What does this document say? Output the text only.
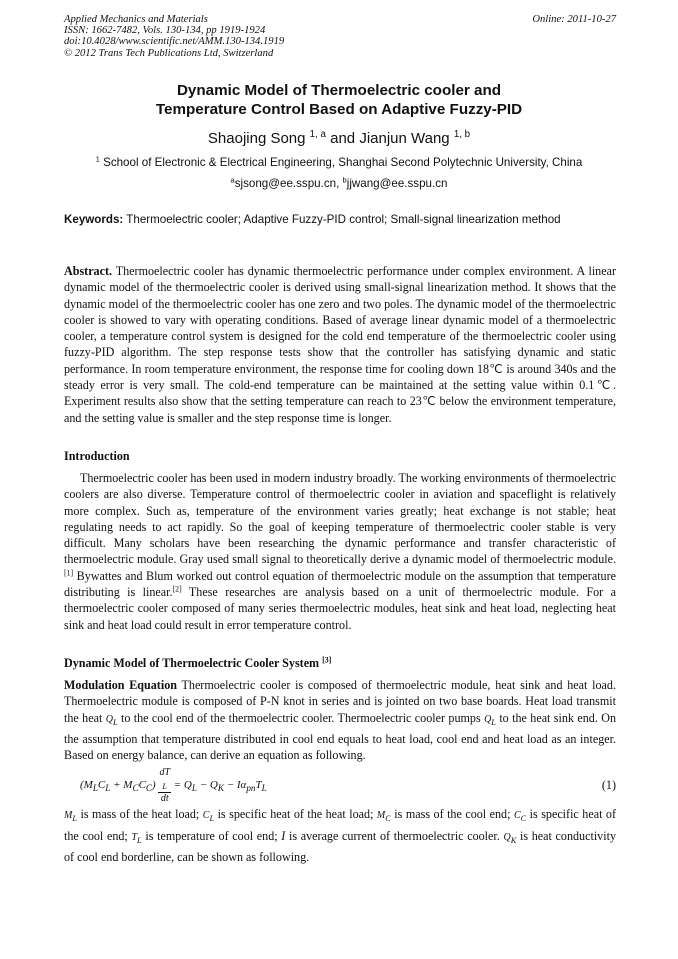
Applied Mechanics and Materials
ISSN: 1662-7482, Vols. 130-134, pp 1919-1924
doi:10.4028/www.scientific.net/AMM.130-134.1919
© 2012 Trans Tech Publications Ltd, Switzerland
Online: 2011-10-27
Dynamic Model of Thermoelectric cooler and
Temperature Control Based on Adaptive Fuzzy-PID
Shaojing Song $^{1, a}$ and Jianjun Wang $^{1, b}$
$^1$ School of Electronic & Electrical Engineering, Shanghai Second Polytechnic University, China
$^a$sjsong@ee.sspu.cn, $^b$jjwang@ee.sspu.cn
Keywords: Thermoelectric cooler; Adaptive Fuzzy-PID control; Small-signal linearization method

Abstract. Thermoelectric cooler has dynamic thermoelectric performance under complex environment. A linear dynamic model of the thermoelectric cooler is derived using small-signal linearization method. It shows that the dynamic model of the thermoelectric cooler has one zero and two poles. The dynamic model of the thermoelectric cooler is showed to vary with operating conditions. Based of average linear dynamic model of a thermoelectric cooler, a temperature control system is designed for the cold end temperature of the thermoelectric cooler using fuzzy-PID algorithm. The step response tests show that the controller has satisfying dynamic and static performance. In room temperature environment, the response time for cooling down 18℃ is around 340s and the steady error is very small. The cold-end temperature can be maintained at the setting value within 0.1℃. Experiment results also show that the setting temperature can reach to 23℃ below the environment temperature, and the setting value is smaller and the step response time is longer.

Introduction

Thermoelectric cooler has been used in modern industry broadly. The working environments of thermoelectric coolers are also diverse. Temperature control of thermoelectric cooler in aviation and spaceflight is relatively more complex. Such as, temperature of the environment varies greatly; heat exchange is not stable; heat regulating needs to act rapidly. So the goal of keeping temperature of thermoelectric cooler stable is very difficult. Many scholars have been researching the dynamic performance and transfer characteristic of thermoelectric module. Gray used small signal to theoretically derive a dynamic model of thermoelectric module.[1] Bywattes and Blum worked out control equation of thermoelectric module on the assumption that temperature distributing is linear.[2] These researches are analysis based on a unit of thermoelectric module. For a thermoelectric cooler composed of many series thermoelectric modules, heat sink and heat load, neglecting heat sink and heat load could result in error temperature control.

Dynamic Model of Thermoelectric Cooler System [3]

Modulation Equation Thermoelectric cooler is composed of thermoelectric module, heat sink and heat load. Thermoelectric module is composed of P-N knot in series and is jointed on two base boards. Heat load transmit the heat $Q_L$ to the cool end of the thermoelectric cooler. Thermoelectric cooler pumps $Q_L$ to the heat sink end. On the assumption that temperature distributed in cool end equals to heat load, cool end and heat load as an integer. Based on energy balance, can derive an equation as following.

$(M_LC_L + M_CC_C)$ dT
$_L$
dt = $Q_L - Q_K - I\alpha_{pn}T_L$	(1)

$M_L$ is mass of the heat load; $C_L$ is specific heat of the heat load; $M_C$ is mass of the cool end; $C_C$ is specific heat of the cool end; $T_L$ is temperature of cool end; I is average current of thermoelectric cooler. $Q_K$ is heat conductivity of cool end borderline, can be shown as following.
